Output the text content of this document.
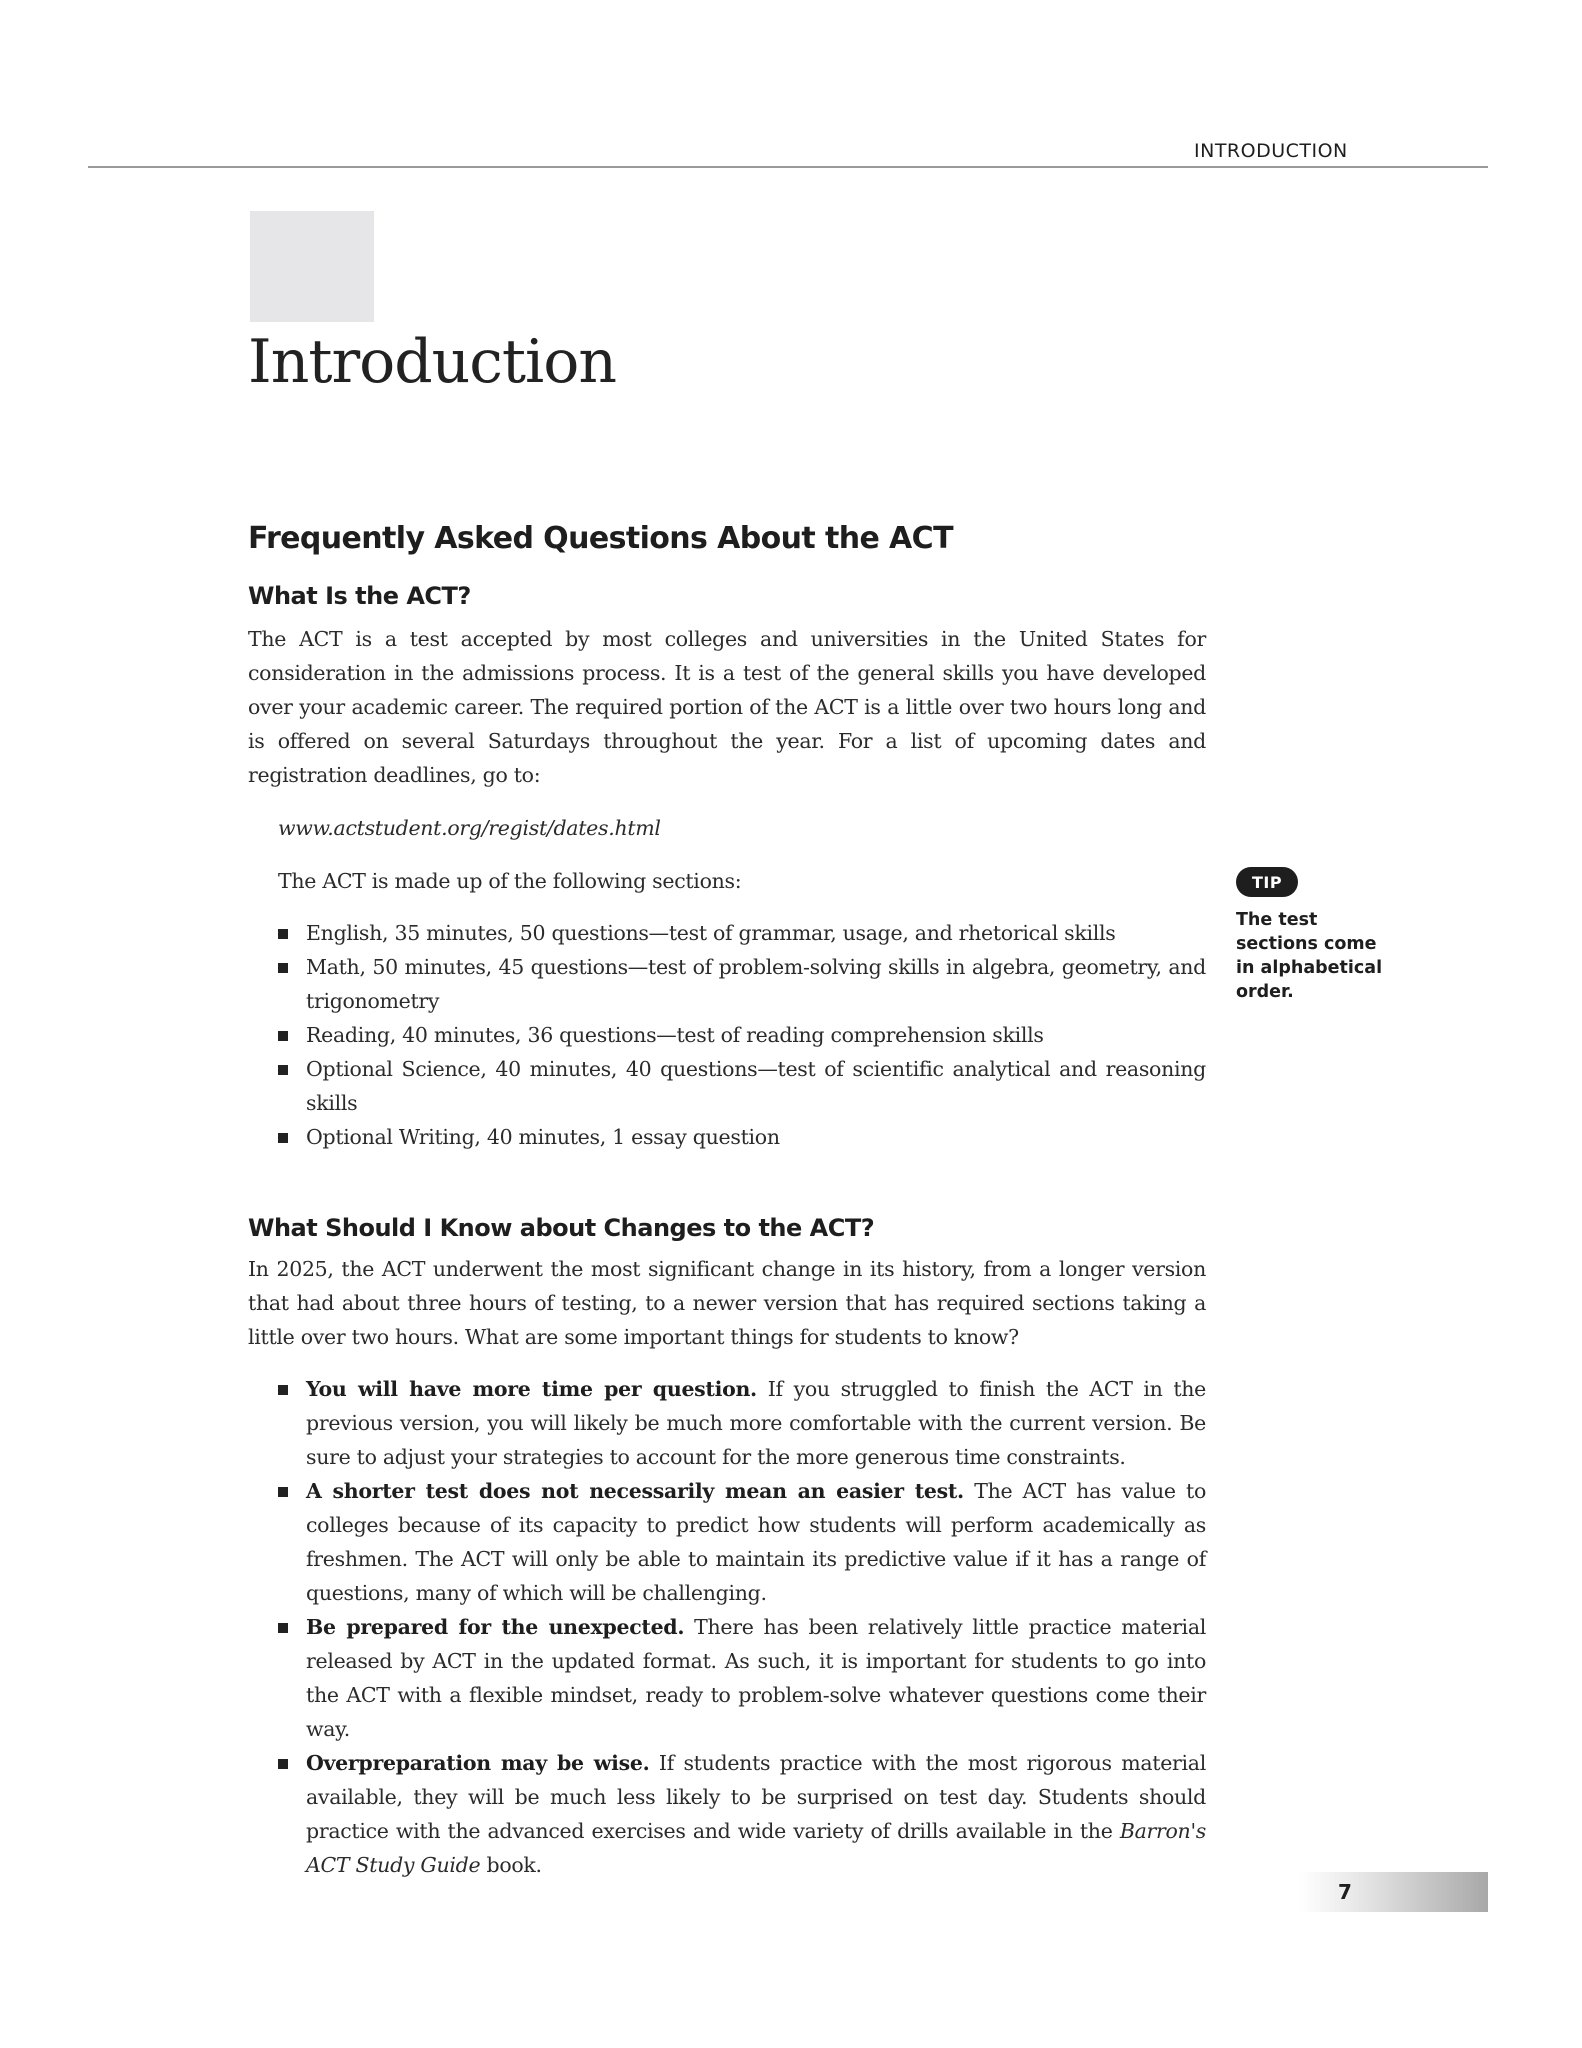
INTRODUCTION
Introduction
Frequently Asked Questions About the ACT
What Is the ACT?

The ACT is a test accepted by most colleges and universities in the United States for consideration in the admissions process. It is a test of the general skills you have developed over your academic career. The required portion of the ACT is a little over two hours long and is offered on several Saturdays throughout the year. For a list of upcoming dates and registration deadlines, go to:

www.actstudent.org/regist/dates.html

The ACT is made up of the following sections:

English, 35 minutes, 50 questions—test of grammar, usage, and rhetorical skills
Math, 50 minutes, 45 questions—test of problem-solving skills in algebra, geometry, and trigonometry
Reading, 40 minutes, 36 questions—test of reading comprehension skills
Optional Science, 40 minutes, 40 questions—test of scientific analytical and reasoning skills
Optional Writing, 40 minutes, 1 essay question
What Should I Know about Changes to the ACT?

In 2025, the ACT underwent the most significant change in its history, from a longer version that had about three hours of testing, to a newer version that has required sections taking a little over two hours. What are some important things for students to know?

You will have more time per question. If you struggled to finish the ACT in the previous version, you will likely be much more comfortable with the current version. Be sure to adjust your strategies to account for the more generous time constraints.
A shorter test does not necessarily mean an easier test. The ACT has value to colleges because of its capacity to predict how students will perform academically as freshmen. The ACT will only be able to maintain its predictive value if it has a range of questions, many of which will be challenging.
Be prepared for the unexpected. There has been relatively little practice material released by ACT in the updated format. As such, it is important for students to go into the ACT with a flexible mindset, ready to problem-solve whatever questions come their way.
Overpreparation may be wise. If students practice with the most rigorous material available, they will be much less likely to be surprised on test day. Students should practice with the advanced exercises and wide variety of drills available in the Barron's ACT Study Guide book.
TIP

The test sections come in alphabetical order.

7
